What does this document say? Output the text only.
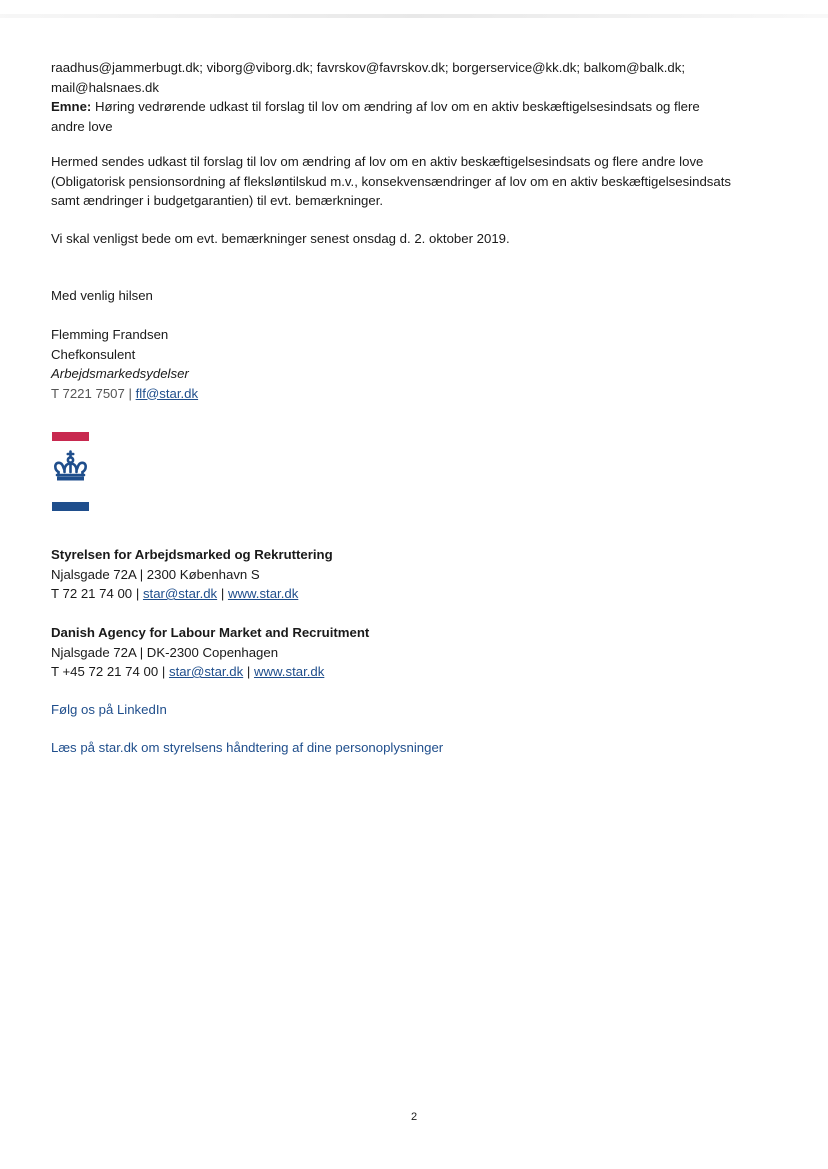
raadhus@jammerbugt.dk; viborg@viborg.dk; favrskov@favrskov.dk; borgerservice@kk.dk; balkom@balk.dk;
mail@halsnaes.dk
Emne: Høring vedrørende udkast til forslag til lov om ændring af lov om en aktiv beskæftigelsesindsats og flere
andre love
Hermed sendes udkast til forslag til lov om ændring af lov om en aktiv beskæftigelsesindsats og flere andre love
(Obligatorisk pensionsordning af fleksløntilskud m.v., konsekvensændringer af lov om en aktiv beskæftigelsesindsats
samt ændringer i budgetgarantien) til evt. bemærkninger.
Vi skal venligst bede om evt. bemærkninger senest onsdag d. 2. oktober 2019.
Med venlig hilsen
Flemming Frandsen
Chefkonsulent
Arbejdsmarkedsydelser
T 7221 7507 | flf@star.dk
Styrelsen for Arbejdsmarked og Rekruttering
Njalsgade 72A | 2300 København S
T 72 21 74 00 | star@star.dk | www.star.dk
Danish Agency for Labour Market and Recruitment
Njalsgade 72A | DK-2300 Copenhagen
T +45 72 21 74 00 | star@star.dk | www.star.dk
Følg os på LinkedIn
Læs på star.dk om styrelsens håndtering af dine personoplysninger
2
